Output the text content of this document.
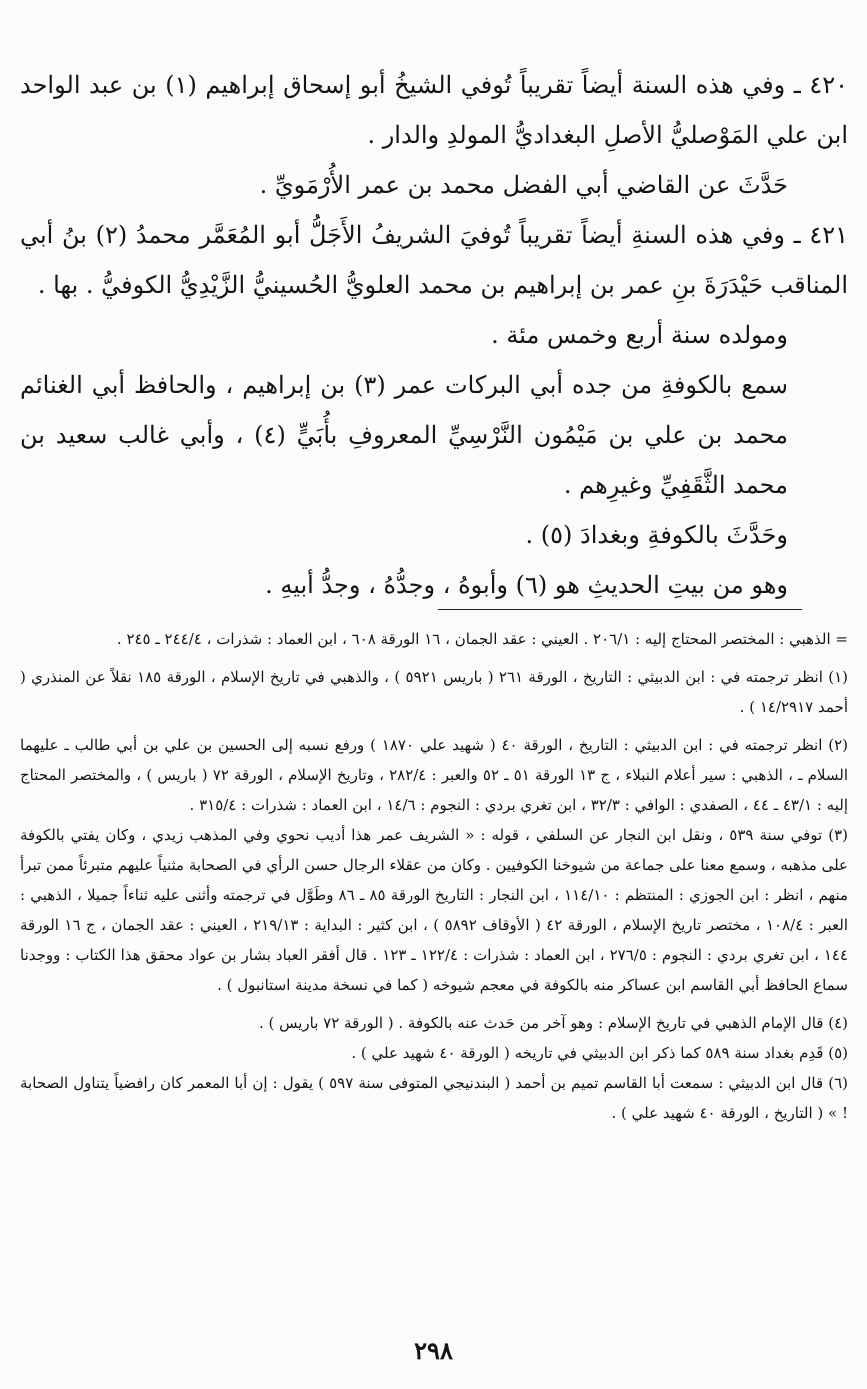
٤٢٠ ـ وفي هذه السنة أيضاً تقريباً تُوفي الشيخُ أبو إسحاق إبراهيم (١) بن عبد الواحد ابن علي المَوْصليُّ الأصلِ البغداديُّ المولدِ والدار .

حَدَّثَ عن القاضي أبي الفضل محمد بن عمر الأُرْمَويِّ .

٤٢١ ـ وفي هذه السنةِ أيضاً تقريباً تُوفيَ الشريفُ الأَجَلُّ أبو المُعَمَّر محمدُ (٢) بنُ أبي المناقب حَيْدَرَةَ بنِ عمر بن إبراهيم بن محمد العلويُّ الحُسينيُّ الزَّيْدِيُّ الكوفيُّ . بها .

ومولده سنة أربع وخمس مئة .

سمع بالكوفةِ من جده أبي البركات عمر (٣) بن إبراهيم ، والحافظ أبي الغنائم محمد بن علي بن مَيْمُون النَّرْسِيِّ المعروفِ بأُبَيٍّ (٤) ، وأبي غالب سعيد بن محمد الثَّقَفِيِّ وغيرِهم .

وحَدَّثَ بالكوفةِ وبغدادَ (٥) .

وهو من بيتِ الحديثِ هو (٦) وأبوهُ ، وجدُّهُ ، وجدُّ أبيهِ .

= الذهبي : المختصر المحتاج إليه : ٢٠٦/١ . العيني : عقد الجمان ، ١٦ الورقة ٦٠٨ ، ابن العماد : شذرات ، ٢٤٤/٤ ـ ٢٤٥ .

(١) انظر ترجمته في : ابن الدبيثي : التاريخ ، الورقة ٢٦١ ( باريس ٥٩٢١ ) ، والذهبي في تاريخ الإسلام ، الورقة ١٨٥ نقلاً عن المنذري ( أحمد ١٤/٢٩١٧ ) .

(٢) انظر ترجمته في : ابن الدبيثي : التاريخ ، الورقة ٤٠ ( شهيد علي ١٨٧٠ ) ورفع نسبه إلى الحسين بن علي بن أبي طالب ـ عليهما السلام ـ ، الذهبي : سير أعلام النبلاء ، ج ١٣ الورقة ٥١ ـ ٥٢ والعبر : ٢٨٢/٤ ، وتاريخ الإسلام ، الورقة ٧٢ ( باريس ) ، والمختصر المحتاج إليه : ٤٣/١ ـ ٤٤ ، الصفدي : الوافي : ٣٢/٣ ، ابن تغري بردي : النجوم : ١٤/٦ ، ابن العماد : شذرات : ٣١٥/٤ .

(٣) توفي سنة ٥٣٩ ، ونقل ابن النجار عن السلفي ، قوله : « الشريف عمر هذا أديب نحوي وفي المذهب زيدي ، وكان يفتي بالكوفة على مذهبه ، وسمع معنا على جماعة من شيوخنا الكوفيين . وكان من عقلاء الرجال حسن الرأي في الصحابة مثنياً عليهم متبرئاً ممن تبرأ منهم ، انظر : ابن الجوزي : المنتظم : ١١٤/١٠ ، ابن النجار : التاريخ الورقة ٨٥ ـ ٨٦ وطَوَّل في ترجمته وأثنى عليه ثناءاً جميلا ، الذهبي : العبر : ١٠٨/٤ ، مختصر تاريخ الإسلام ، الورقة ٤٢ ( الأوقاف ٥٨٩٢ ) ، ابن كثير : البداية : ٢١٩/١٣ ، العيني : عقد الجمان ، ج ١٦ الورقة ١٤٤ ، ابن تغري بردي : النجوم : ٢٧٦/٥ ، ابن العماد : شذرات : ١٢٢/٤ ـ ١٢٣ . قال أفقر العباد بشار بن عواد محقق هذا الكتاب : ووجدنا سماع الحافظ أبي القاسم ابن عساكر منه بالكوفة في معجم شيوخه ( كما في نسخة مدينة استانبول ) .

(٤) قال الإمام الذهبي في تاريخ الإسلام : وهو آخر من حَدث عنه بالكوفة . ( الورقة ٧٢ باريس ) .

(٥) قَدِم بغداد سنة ٥٨٩ كما ذكر ابن الدبيثي في تاريخه ( الورقة ٤٠ شهيد علي ) .

(٦) قال ابن الدبيثي : سمعت أبا القاسم تميم بن أحمد ( البندنيجي المتوفى سنة ٥٩٧ ) يقول : إن أبا المعمر كان رافضياً يتناول الصحابة ! » ( التاريخ ، الورقة ٤٠ شهيد علي ) .

٢٩٨
